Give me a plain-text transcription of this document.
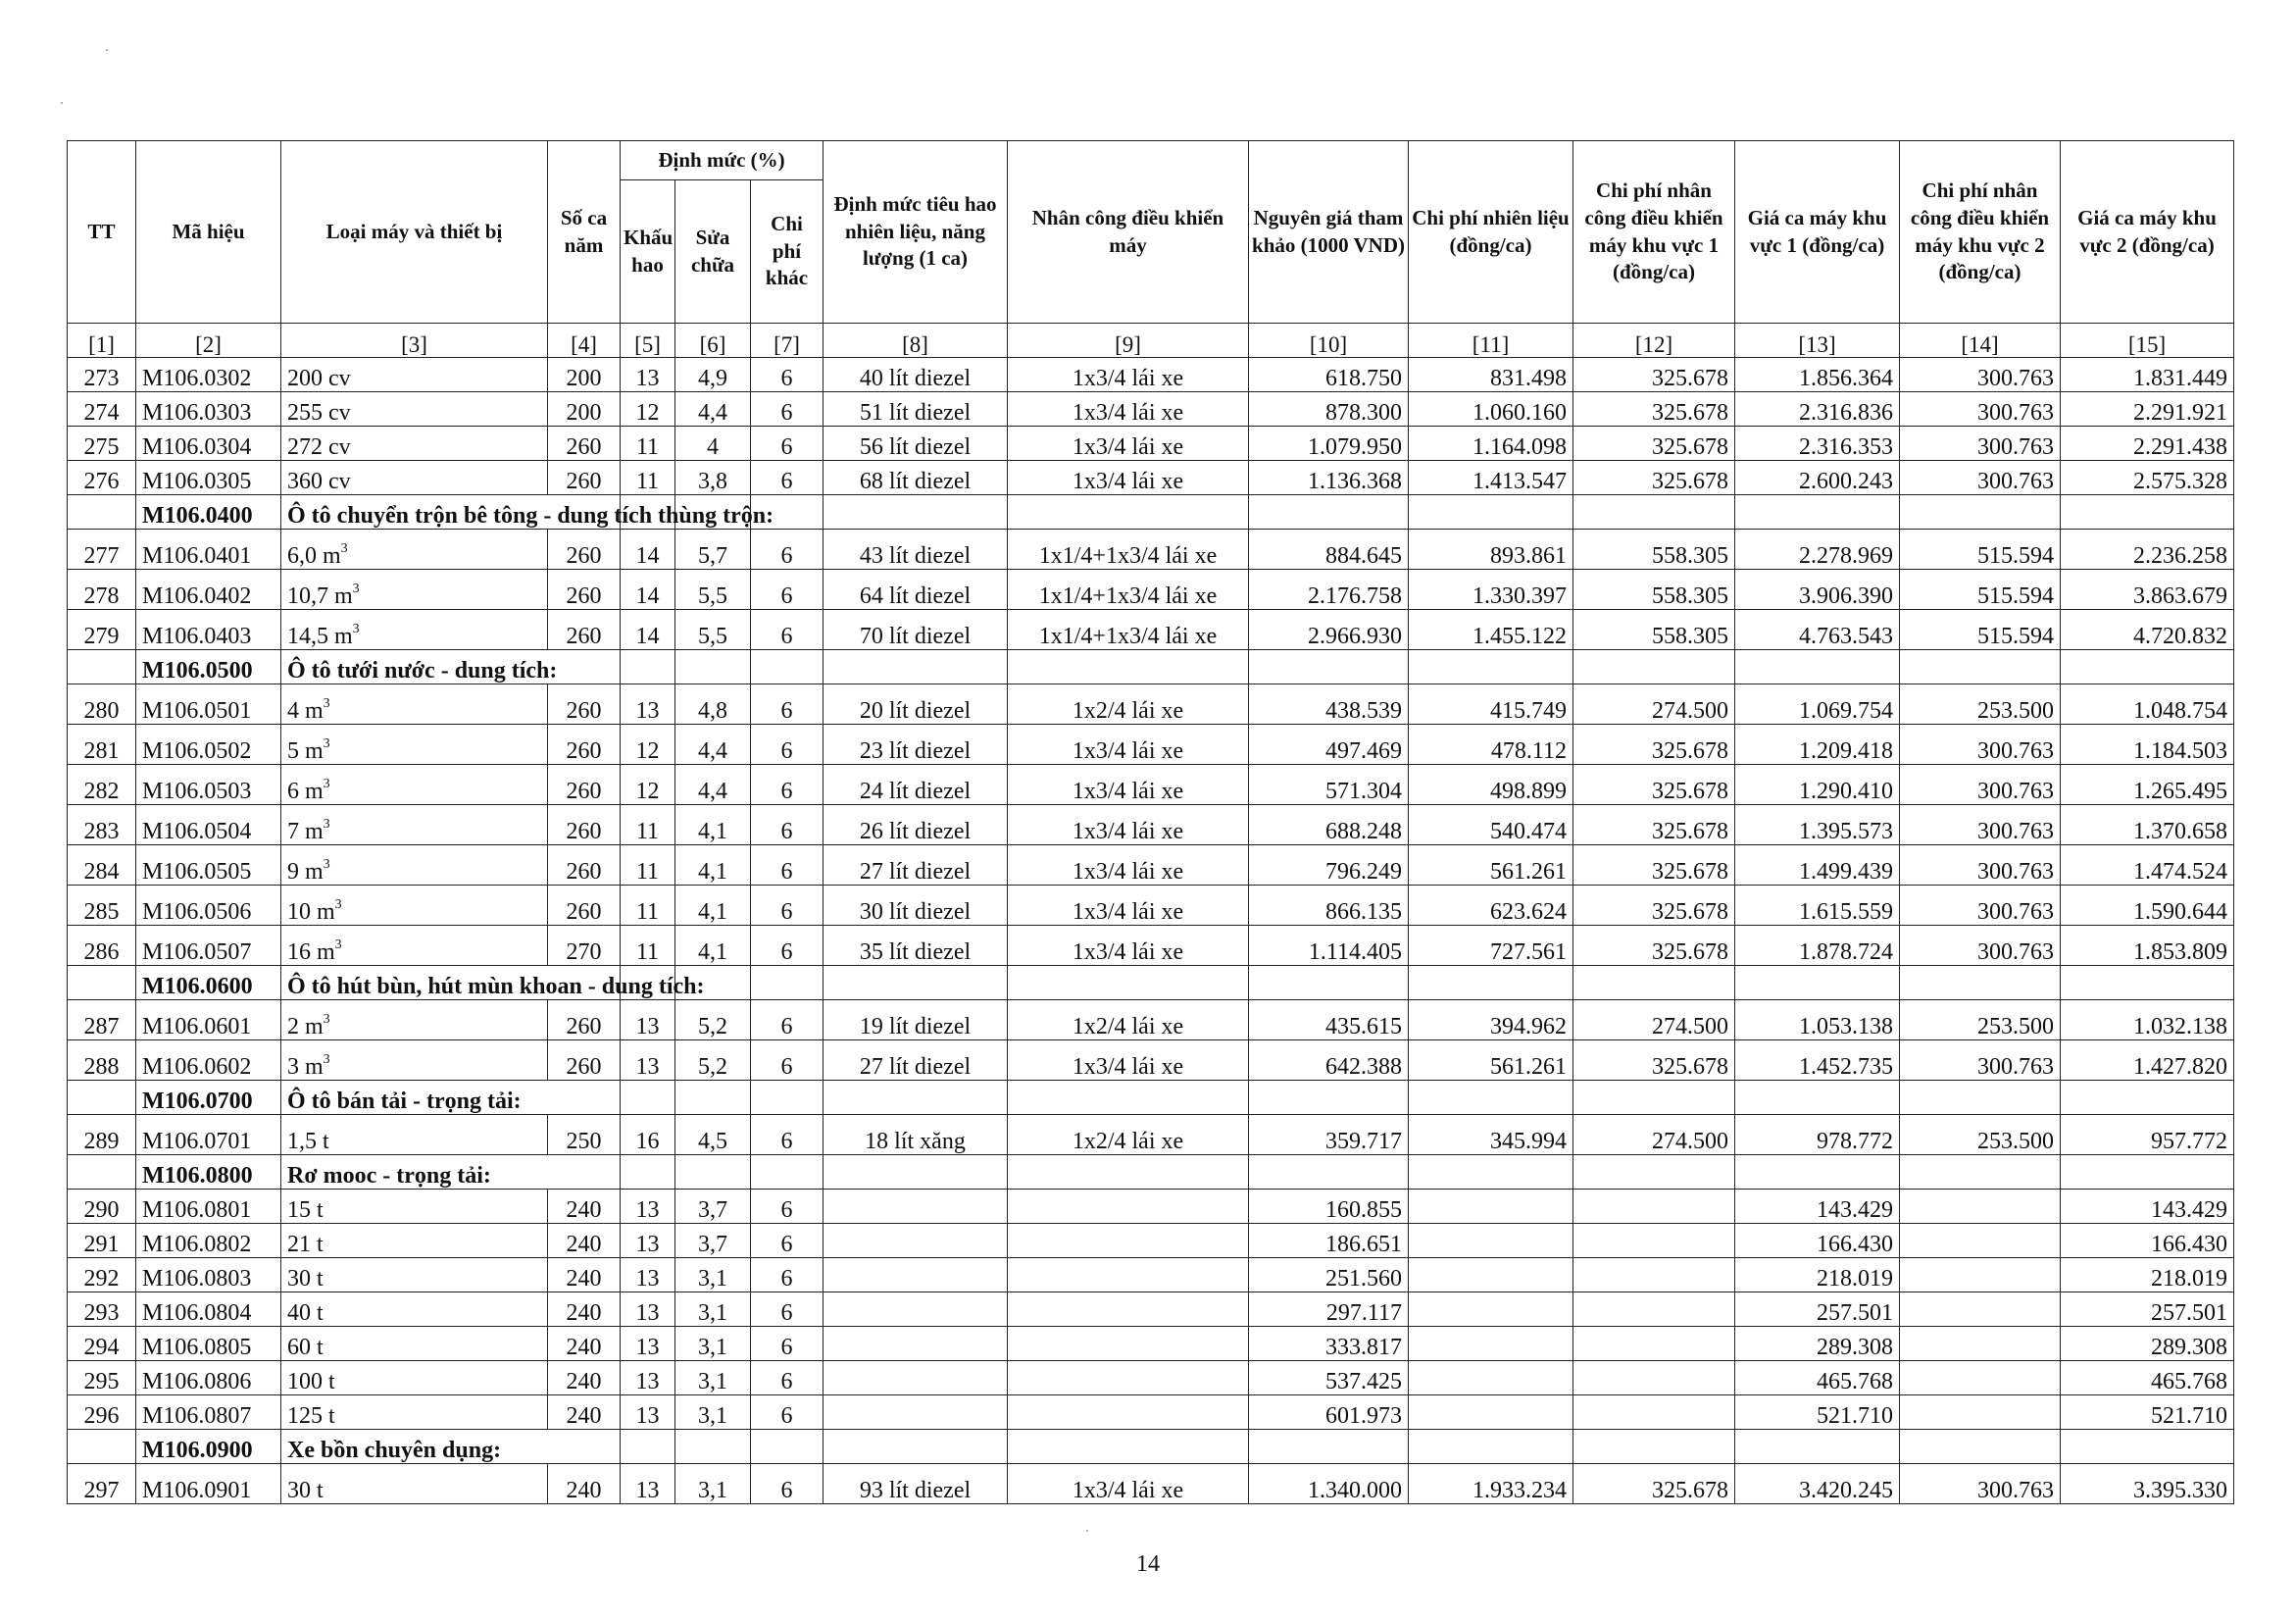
TT	Mã hiệu	Loại máy và thiết bị	Số ca năm	Định mức (%)			Định mức tiêu hao nhiên liệu, năng lượng (1 ca)	Nhân công điều khiển máy	Nguyên giá tham khảo (1000 VND)	Chi phí nhiên liệu (đồng/ca)	Chi phí nhân công điều khiển máy khu vực 1 (đồng/ca)	Giá ca máy khu vực 1 (đồng/ca)	Chi phí nhân công điều khiển máy khu vực 2 (đồng/ca)	Giá ca máy khu vực 2 (đồng/ca)
				Khấu hao	Sửa chữa	Chi phí khác								
[1]	[2]	[3]	[4]	[5]	[6]	[7]	[8]	[9]	[10]	[11]	[12]	[13]	[14]	[15]
273	M106.0302	200 cv	200	13	4,9	6	40 lít diezel	1x3/4 lái xe	618.750	831.498	325.678	1.856.364	300.763	1.831.449
274	M106.0303	255 cv	200	12	4,4	6	51 lít diezel	1x3/4 lái xe	878.300	1.060.160	325.678	2.316.836	300.763	2.291.921
275	M106.0304	272 cv	260	11	4	6	56 lít diezel	1x3/4 lái xe	1.079.950	1.164.098	325.678	2.316.353	300.763	2.291.438
276	M106.0305	360 cv	260	11	3,8	6	68 lít diezel	1x3/4 lái xe	1.136.368	1.413.547	325.678	2.600.243	300.763	2.575.328
	M106.0400	Ô tô chuyển trộn bê tông - dung tích thùng trộn:												
277	M106.0401	6,0 $m^3$	260	14	5,7	6	43 lít diezel	1x1/4+1x3/4 lái xe	884.645	893.861	558.305	2.278.969	515.594	2.236.258
278	M106.0402	10,7 $m^3$	260	14	5,5	6	64 lít diezel	1x1/4+1x3/4 lái xe	2.176.758	1.330.397	558.305	3.906.390	515.594	3.863.679
279	M106.0403	14,5 $m^3$	260	14	5,5	6	70 lít diezel	1x1/4+1x3/4 lái xe	2.966.930	1.455.122	558.305	4.763.543	515.594	4.720.832
	M106.0500	Ô tô tưới nước - dung tích:												
280	M106.0501	4 $m^3$	260	13	4,8	6	20 lít diezel	1x2/4 lái xe	438.539	415.749	274.500	1.069.754	253.500	1.048.754
281	M106.0502	5 $m^3$	260	12	4,4	6	23 lít diezel	1x3/4 lái xe	497.469	478.112	325.678	1.209.418	300.763	1.184.503
282	M106.0503	6 $m^3$	260	12	4,4	6	24 lít diezel	1x3/4 lái xe	571.304	498.899	325.678	1.290.410	300.763	1.265.495
283	M106.0504	7 $m^3$	260	11	4,1	6	26 lít diezel	1x3/4 lái xe	688.248	540.474	325.678	1.395.573	300.763	1.370.658
284	M106.0505	9 $m^3$	260	11	4,1	6	27 lít diezel	1x3/4 lái xe	796.249	561.261	325.678	1.499.439	300.763	1.474.524
285	M106.0506	10 $m^3$	260	11	4,1	6	30 lít diezel	1x3/4 lái xe	866.135	623.624	325.678	1.615.559	300.763	1.590.644
286	M106.0507	16 $m^3$	270	11	4,1	6	35 lít diezel	1x3/4 lái xe	1.114.405	727.561	325.678	1.878.724	300.763	1.853.809
	M106.0600	Ô tô hút bùn, hút mùn khoan - dung tích:												
287	M106.0601	2 $m^3$	260	13	5,2	6	19 lít diezel	1x2/4 lái xe	435.615	394.962	274.500	1.053.138	253.500	1.032.138
288	M106.0602	3 $m^3$	260	13	5,2	6	27 lít diezel	1x3/4 lái xe	642.388	561.261	325.678	1.452.735	300.763	1.427.820
	M106.0700	Ô tô bán tải - trọng tải:												
289	M106.0701	1,5 t	250	16	4,5	6	18 lít xăng	1x2/4 lái xe	359.717	345.994	274.500	978.772	253.500	957.772
	M106.0800	Rơ mooc - trọng tải:												
290	M106.0801	15 t	240	13	3,7	6			160.855			143.429		143.429
291	M106.0802	21 t	240	13	3,7	6			186.651			166.430		166.430
292	M106.0803	30 t	240	13	3,1	6			251.560			218.019		218.019
293	M106.0804	40 t	240	13	3,1	6			297.117			257.501		257.501
294	M106.0805	60 t	240	13	3,1	6			333.817			289.308		289.308
295	M106.0806	100 t	240	13	3,1	6			537.425			465.768		465.768
296	M106.0807	125 t	240	13	3,1	6			601.973			521.710		521.710
	M106.0900	Xe bồn chuyên dụng:												
297	M106.0901	30 t	240	13	3,1	6	93 lít diezel	1x3/4 lái xe	1.340.000	1.933.234	325.678	3.420.245	300.763	3.395.330
14
